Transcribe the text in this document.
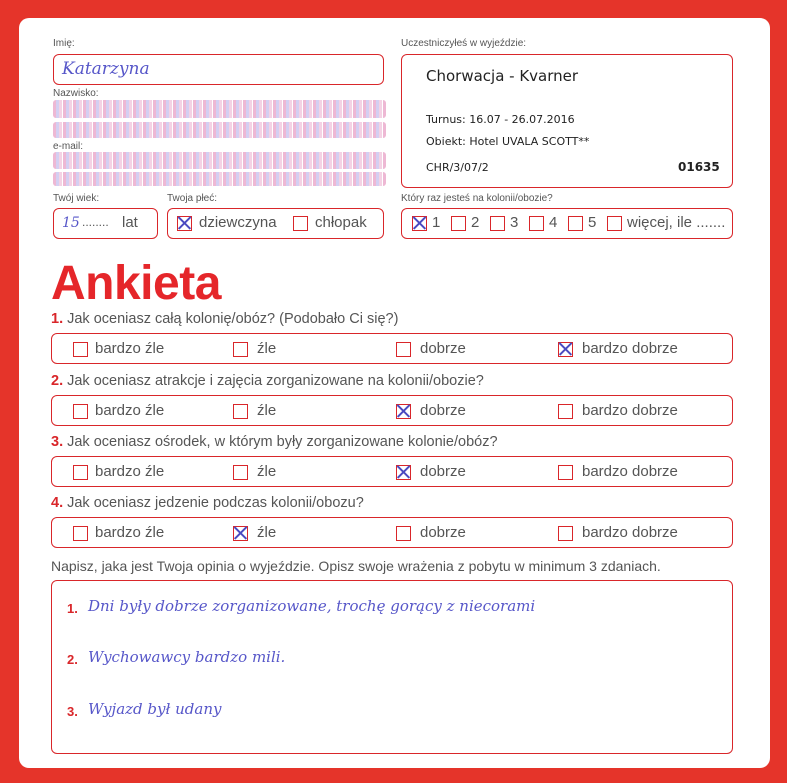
Imię:
Katarzyna
Nazwisko:
e-mail:
Uczestniczyłeś w wyjeździe:
Chorwacja - Kvarner
Turnus: 16.07 - 26.07.2016
Obiekt: Hotel UVALA SCOTT**
CHR/3/07/2	01635
Twój wiek:
15 ........ lat
Twoja płeć:
dziewczyna	chłopak
Który raz jesteś na kolonii/obozie?
1 2 3 4 5 więcej, ile .......
Ankieta
1. Jak oceniasz całą kolonię/obóz? (Podobało Ci się?)
bardzo źle	źle	dobrze	bardzo dobrze
2. Jak oceniasz atrakcje i zajęcia zorganizowane na kolonii/obozie?
bardzo źle	źle	dobrze	bardzo dobrze
3. Jak oceniasz ośrodek, w którym były zorganizowane kolonie/obóz?
bardzo źle	źle	dobrze	bardzo dobrze
4. Jak oceniasz jedzenie podczas kolonii/obozu?
bardzo źle	źle	dobrze	bardzo dobrze
Napisz, jaka jest Twoja opinia o wyjeździe. Opisz swoje wrażenia z pobytu w minimum 3 zdaniach.
1. Dni były dobrze zorganizowane, trochę gorący z niecorami
2. Wychowawcy bardzo mili.
3. Wyjazd był udany
